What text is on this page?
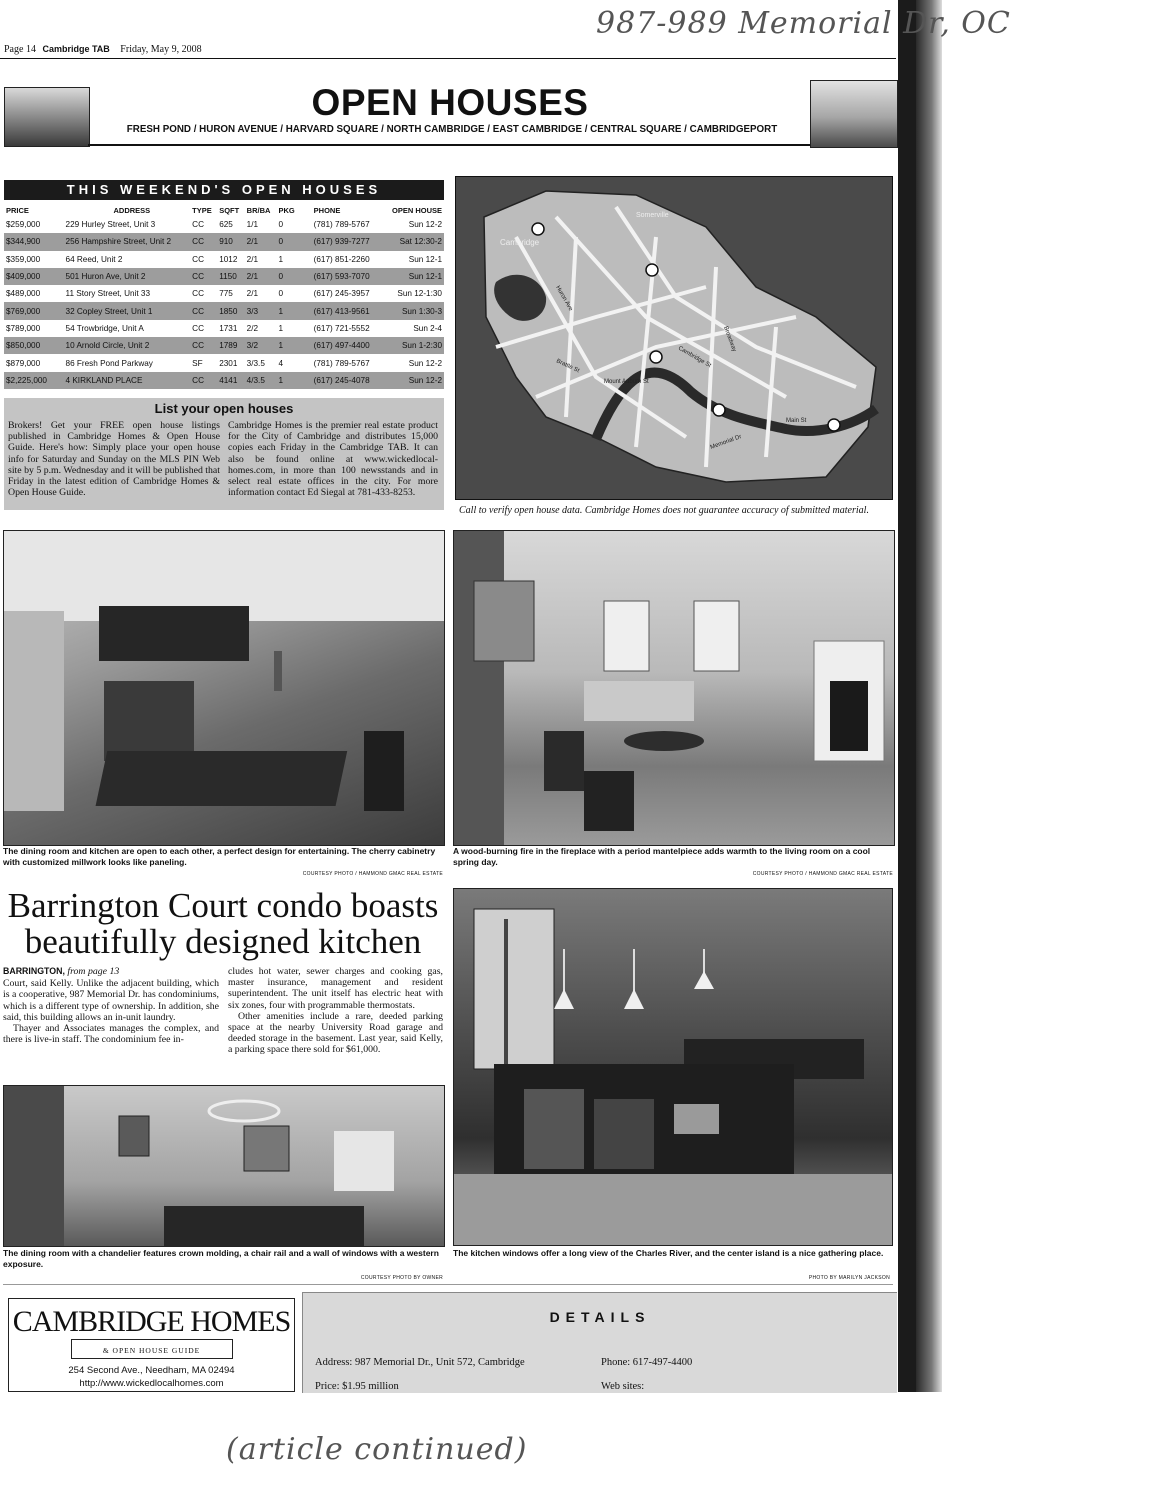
987-989 Memorial Dr, OC
(article continued)
Page 14 Cambridge TAB Friday, May 9, 2008
OPEN HOUSES
FRESH POND / HURON AVENUE / HARVARD SQUARE / NORTH CAMBRIDGE / EAST CAMBRIDGE / CENTRAL SQUARE / CAMBRIDGEPORT
THIS WEEKEND'S OPEN HOUSES
PRICE	ADDRESS	TYPE	SQFT	BR/BA	PKG	PHONE	OPEN HOUSE
$259,000	229 Hurley Street, Unit 3	CC	625	1/1	0	(781) 789-5767	Sun 12-2
$344,900	256 Hampshire Street, Unit 2	CC	910	2/1	0	(617) 939-7277	Sat 12:30-2
$359,000	64 Reed, Unit 2	CC	1012	2/1	1	(617) 851-2260	Sun 12-1
$409,000	501 Huron Ave, Unit 2	CC	1150	2/1	0	(617) 593-7070	Sun 12-1
$489,000	11 Story Street, Unit 33	CC	775	2/1	0	(617) 245-3957	Sun 12-1:30
$769,000	32 Copley Street, Unit 1	CC	1850	3/3	1	(617) 413-9561	Sun 1:30-3
$789,000	54 Trowbridge, Unit A	CC	1731	2/2	1	(617) 721-5552	Sun 2-4
$850,000	10 Arnold Circle, Unit 2	CC	1789	3/2	1	(617) 497-4400	Sun 1-2:30
$879,000	86 Fresh Pond Parkway	SF	2301	3/3.5	4	(781) 789-5767	Sun 12-2
$2,225,000	4 KIRKLAND PLACE	CC	4141	4/3.5	1	(617) 245-4078	Sun 12-2
List your open houses
Brokers! Get your FREE open house listings published in Cambridge Homes & Open House Guide. Here's how: Simply place your open house info for Saturday and Sunday on the MLS PIN Web site by 5 p.m. Wednesday and it will be published that Friday in the latest edition of Cambridge Homes & Open House Guide.
Cambridge Homes is the premier real estate product for the City of Cambridge and distributes 15,000 copies each Friday in the Cambridge TAB. It can also be found online at www.wickedlocal-homes.com, in more than 100 newsstands and in select real estate offices in the city. For more information contact Ed Siegal at 781-433-8253.
Cambridge
Huron Ave
Brattle St
Mount Auburn St
Cambridge St
Main St
Memorial Dr
Broadway
Somerville
Call to verify open house data. Cambridge Homes does not guarantee accuracy of submitted material.
The dining room and kitchen are open to each other, a perfect design for entertaining. The cherry cabinetry with customized millwork looks like paneling.
COURTESY PHOTO / HAMMOND GMAC REAL ESTATE
A wood-burning fire in the fireplace with a period mantelpiece adds warmth to the living room on a cool spring day.
COURTESY PHOTO / HAMMOND GMAC REAL ESTATE
Barrington Court condo boasts
beautifully designed kitchen
BARRINGTON, from page 13
Court, said Kelly. Unlike the adjacent building, which is a cooperative, 987 Memorial Dr. has condominiums, which is a different type of ownership. In addition, she said, this building allows an in-unit laundry.
Thayer and Associates manages the complex, and there is live-in staff. The condominium fee in-
cludes hot water, sewer charges and cooking gas, master insurance, management and resident superintendent. The unit itself has electric heat with six zones, four with programmable thermostats.
Other amenities include a rare, deeded parking space at the nearby University Road garage and deeded storage in the basement. Last year, said Kelly, a parking space there sold for $61,000.
The dining room with a chandelier features crown molding, a chair rail and a wall of windows with a western exposure.
COURTESY PHOTO BY OWNER
The kitchen windows offer a long view of the Charles River, and the center island is a nice gathering place.
PHOTO BY MARILYN JACKSON
CAMBRIDGE HOMES
& OPEN HOUSE GUIDE
254 Second Ave., Needham, MA 02494
http://www.wickedlocalhomes.com
DETAILS
Address: 987 Memorial Dr., Unit 572, Cambridge
Price: $1.95 million
Phone: 617-497-4400
Web sites:
